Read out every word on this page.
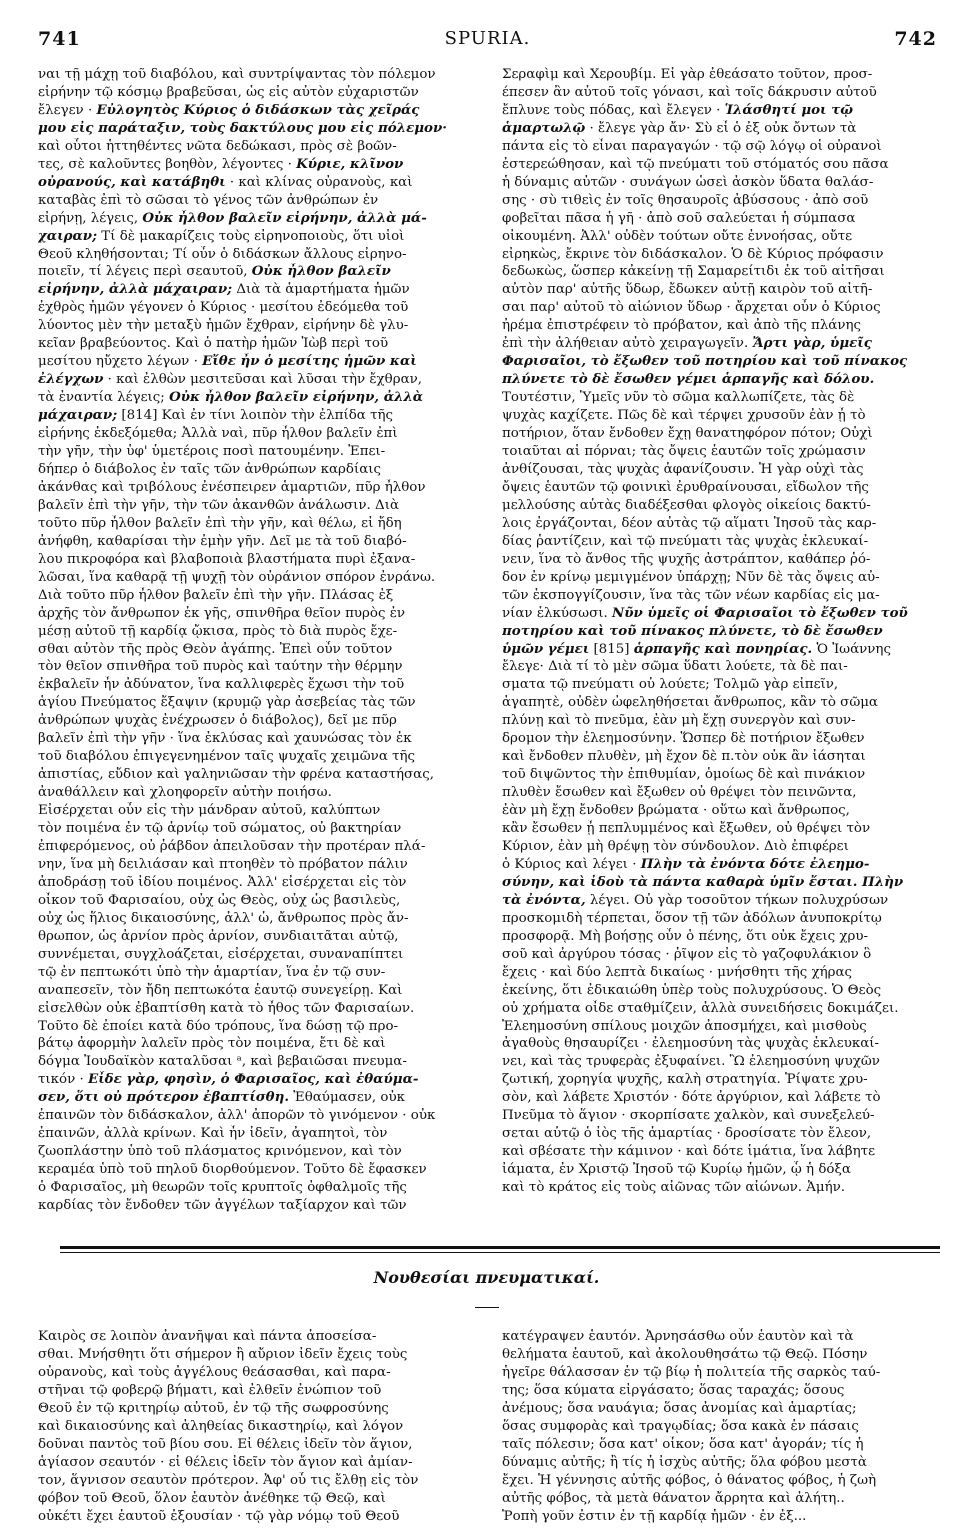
SPURIA.
741	742
ναι τῇ μάχῃ τοῦ διαβόλου, καὶ συντρίψαντας τὸν πόλεμον
εἰρήνην τῷ κόσμῳ βραβεῦσαι, ὡς εἰς αὐτὸν εὐχαριστῶν
ἔλεγεν · Εὐλογητὸς Κύριος ὁ διδάσκων τὰς χεῖράς
μου εἰς παράταξιν, τοὺς δακτύλους μου εἰς πόλεμον·
καὶ οὗτοι ἡττηθέντες νῶτα δεδώκασι, πρὸς σὲ βοῶν-
τες, σὲ καλοῦντες βοηθὸν, λέγοντες · Κύριε, κλῖνον
οὐρανούς, καὶ κατάβηθι · καὶ κλίνας οὐρανοὺς, καὶ
καταβὰς ἐπὶ τὸ σῶσαι τὸ γένος τῶν ἀνθρώπων ἐν
εἰρήνῃ, λέγεις, Οὐκ ἦλθον βαλεῖν εἰρήνην, ἀλλὰ μά-
χαιραν; Τί δὲ μακαρίζεις τοὺς εἰρηνοποιοὺς, ὅτι υἱοὶ
Θεοῦ κληθήσονται; Τί οὖν ὁ διδάσκων ἄλλους εἰρηνο-
ποιεῖν, τί λέγεις περὶ σεαυτοῦ, Οὐκ ἦλθον βαλεῖν
εἰρήνην, ἀλλὰ μάχαιραν; Διὰ τὰ ἁμαρτήματα ἡμῶν
ἐχθρὸς ἡμῶν γέγονεν ὁ Κύριος · μεσίτου ἐδεόμεθα τοῦ
λύοντος μὲν τὴν μεταξὺ ἡμῶν ἔχθραν, εἰρήνην δὲ γλυ-
κεῖαν βραβεύοντος. Καὶ ὁ πατὴρ ἡμῶν Ἰὼβ περὶ τοῦ
μεσίτου ηὔχετο λέγων · Εἴθε ἦν ὁ μεσίτης ἡμῶν καὶ
ἐλέγχων · καὶ ἐλθὼν μεσιτεῦσαι καὶ λῦσαι τὴν ἔχθραν,
τὰ ἐναντία λέγεις; Οὐκ ἦλθον βαλεῖν εἰρήνην, ἀλλὰ
μάχαιραν; [814] Καὶ ἐν τίνι λοιπὸν τὴν ἐλπίδα τῆς
εἰρήνης ἐκδεξόμεθα; Ἀλλὰ ναὶ, πῦρ ἦλθον βαλεῖν ἐπὶ
τὴν γῆν, τὴν ὑφ' ὑμετέροις ποσὶ πατουμένην. Ἐπει-
δήπερ ὁ διάβολος ἐν ταῖς τῶν ἀνθρώπων καρδίαις
ἀκάνθας καὶ τριβόλους ἐνέσπειρεν ἁμαρτιῶν, πῦρ ἦλθον
βαλεῖν ἐπὶ τὴν γῆν, τὴν τῶν ἀκανθῶν ἀνάλωσιν. Διὰ
τοῦτο πῦρ ἦλθον βαλεῖν ἐπὶ τὴν γῆν, καὶ θέλω, εἰ ἤδη
ἀνήφθη, καθαρίσαι τὴν ἐμὴν γῆν. Δεῖ με τὰ τοῦ διαβό-
λου πικροφόρα καὶ βλαβοποιὰ βλαστήματα πυρὶ ἐξανα-
λῶσαι, ἵνα καθαρᾷ τῇ ψυχῇ τὸν οὐράνιον σπόρον ἐνράνω.
Διὰ τοῦτο πῦρ ἦλθον βαλεῖν ἐπὶ τὴν γῆν. Πλάσας ἐξ
ἀρχῆς τὸν ἄνθρωπον ἐκ γῆς, σπινθῆρα θεῖον πυρὸς ἐν
μέσῃ αὐτοῦ τῇ καρδίᾳ ᾤκισα, πρὸς τὸ διὰ πυρὸς ἔχε-
σθαι αὐτὸν τῆς πρὸς Θεὸν ἀγάπης. Ἐπεὶ οὖν τοῦτον
τὸν θεῖον σπινθῆρα τοῦ πυρὸς καὶ ταύτην τὴν θέρμην
ἐκβαλεῖν ἦν ἀδύνατον, ἵνα καλλιφερὲς ἔχωσι τὴν τοῦ
ἁγίου Πνεύματος ἔξαψιν (κρυμῷ γὰρ ἀσεβείας τὰς τῶν
ἀνθρώπων ψυχὰς ἐνέχρωσεν ὁ διάβολος), δεῖ με πῦρ
βαλεῖν ἐπὶ τὴν γῆν · ἵνα ἐκλύσας καὶ χαυνώσας τὸν ἐκ
τοῦ διαβόλου ἐπιγεγενημένον ταῖς ψυχαῖς χειμῶνα τῆς
ἀπιστίας, εὔδιον καὶ γαληνιῶσαν τὴν φρένα καταστήσας,
ἀναθάλλειν καὶ χλοηφορεῖν αὐτὴν ποιήσω.
Εἰσέρχεται οὖν εἰς τὴν μάνδραν αὐτοῦ, καλύπτων
τὸν ποιμένα ἐν τῷ ἀρνίῳ τοῦ σώματος, οὐ βακτηρίαν
ἐπιφερόμενος, οὐ ῥάβδον ἀπειλοῦσαν τὴν προτέραν πλά-
νην, ἵνα μὴ δειλιάσαν καὶ πτοηθὲν τὸ πρόβατον πάλιν
ἀποδράσῃ τοῦ ἰδίου ποιμένος. Ἀλλ' εἰσέρχεται εἰς τὸν
οἶκον τοῦ Φαρισαίου, οὐχ ὡς Θεὸς, οὐχ ὡς βασιλεὺς,
οὐχ ὡς ἥλιος δικαιοσύνης, ἀλλ' ὡ, ἄνθρωπος πρὸς ἄν-
θρωπον, ὡς ἀρνίον πρὸς ἀρνίον, συνδιαιτᾶται αὐτῷ,
συννέμεται, συγχλοάζεται, εἰσέρχεται, συναναπίπτει
τῷ ἐν πεπτωκότι ὑπὸ τὴν ἁμαρτίαν, ἵνα ἐν τῷ συν-
αναπεσεῖν, τὸν ἤδη πεπτωκότα ἑαυτῷ συνεγείρῃ. Καὶ
εἰσελθὼν οὐκ ἐβαπτίσθη κατὰ τὸ ἦθος τῶν Φαρισαίων.
Τοῦτο δὲ ἐποίει κατὰ δύο τρόπους, ἵνα δώσῃ τῷ προ-
βάτῳ ἀφορμὴν λαλεῖν πρὸς τὸν ποιμένα, ἔτι δὲ καὶ
δόγμα Ἰουδαϊκὸν καταλῦσαι ᵃ, καὶ βεβαιῶσαι πνευμα-
τικόν · Εἶδε γὰρ, φησὶν, ὁ Φαρισαῖος, καὶ ἐθαύμα-
σεν, ὅτι οὐ πρότερον ἐβαπτίσθη. Ἐθαύμασεν, οὐκ
ἐπαινῶν τὸν διδάσκαλον, ἀλλ' ἀπορῶν τὸ γινόμενον · οὐκ
ἐπαινῶν, ἀλλὰ κρίνων. Καὶ ἦν ἰδεῖν, ἀγαπητοὶ, τὸν
ζωοπλάστην ὑπὸ τοῦ πλάσματος κρινόμενον, καὶ τὸν
κεραμέα ὑπὸ τοῦ πηλοῦ διορθούμενον. Τοῦτο δὲ ἔφασκεν
ὁ Φαρισαῖος, μὴ θεωρῶν τοῖς κρυπτοῖς ὀφθαλμοῖς τῆς
καρδίας τὸν ἔνδοθεν τῶν ἀγγέλων ταξίαρχον καὶ τῶν
Σεραφὶμ καὶ Χερουβίμ. Εἰ γὰρ ἐθεάσατο τοῦτον, προσ-
έπεσεν ἂν αὐτοῦ τοῖς γόνασι, καὶ τοῖς δάκρυσιν αὐτοῦ
ἔπλυνε τοὺς πόδας, καὶ ἔλεγεν · Ἱλάσθητί μοι τῷ
ἁμαρτωλῷ · ἔλεγε γὰρ ἄν· Σὺ εἶ ὁ ἐξ οὐκ ὄντων τὰ
πάντα εἰς τὸ εἶναι παραγαγών · τῷ σῷ λόγῳ οἱ οὐρανοὶ
ἐστερεώθησαν, καὶ τῷ πνεύματι τοῦ στόματός σου πᾶσα
ἡ δύναμις αὐτῶν · συνάγων ὡσεὶ ἀσκὸν ὕδατα θαλάσ-
σης · σὺ τιθεὶς ἐν τοῖς θησαυροῖς ἀβύσσους · ἀπὸ σοῦ
φοβεῖται πᾶσα ἡ γῆ · ἀπὸ σοῦ σαλεύεται ἡ σύμπασα
οἰκουμένη. Ἀλλ' οὐδὲν τούτων οὔτε ἐννοήσας, οὔτε
εἰρηκὼς, ἔκρινε τὸν διδάσκαλον. Ὁ δὲ Κύριος πρόφασιν
δεδωκὼς, ὥσπερ κἀκείνῃ τῇ Σαμαρείτιδι ἐκ τοῦ αἰτῆσαι
αὐτὸν παρ' αὐτῆς ὕδωρ, ἔδωκεν αὐτῇ καιρὸν τοῦ αἰτῆ-
σαι παρ' αὐτοῦ τὸ αἰώνιον ὕδωρ · ἄρχεται οὖν ὁ Κύριος
ἠρέμα ἐπιστρέφειν τὸ πρόβατον, καὶ ἀπὸ τῆς πλάνης
ἐπὶ τὴν ἀλήθειαν αὐτὸ χειραγωγεῖν. Ἄρτι γὰρ, ὑμεῖς
Φαρισαῖοι, τὸ ἔξωθεν τοῦ ποτηρίου καὶ τοῦ πίνακος
πλύνετε τὸ δὲ ἔσωθεν γέμει ἁρπαγῆς καὶ δόλου.
Τουτέστιν, Ὑμεῖς νῦν τὸ σῶμα καλλωπίζετε, τὰς δὲ
ψυχὰς καχίζετε. Πῶς δὲ καὶ τέρψει χρυσοῦν ἐὰν ᾖ τὸ
ποτήριον, ὅταν ἔνδοθεν ἔχῃ θανατηφόρον πότον; Οὐχὶ
τοιαῦται αἱ πόρναι; τὰς ὄψεις ἑαυτῶν τοῖς χρώμασιν
ἀνθίζουσαι, τὰς ψυχὰς ἀφανίζουσιν. Ἡ γὰρ οὐχὶ τὰς
ὄψεις ἑαυτῶν τῷ φοινικὶ ἐρυθραίνουσαι, εἴδωλον τῆς
μελλούσης αὐτὰς διαδέξεσθαι φλογὸς οἰκείοις δακτύ-
λοις ἐργάζονται, δέον αὐτὰς τῷ αἵματι Ἰησοῦ τὰς καρ-
δίας ῥαντίζειν, καὶ τῷ πνεύματι τὰς ψυχὰς ἐκλευκαί-
νειν, ἵνα τὸ ἄνθος τῆς ψυχῆς ἀστράπτον, καθάπερ ῥό-
δον ἐν κρίνῳ μεμιγμένον ὑπάρχῃ; Νῦν δὲ τὰς ὄψεις αὐ-
τῶν ἐκσπογγίζουσιν, ἵνα τὰς τῶν νέων καρδίας εἰς μα-
νίαν ἑλκύσωσι. Νῦν ὑμεῖς οἱ Φαρισαῖοι τὸ ἔξωθεν τοῦ
ποτηρίου καὶ τοῦ πίνακος πλύνετε, τὸ δὲ ἔσωθεν
ὑμῶν γέμει [815] ἁρπαγῆς καὶ πονηρίας. Ὁ Ἰωάννης
ἔλεγε· Διὰ τί τὸ μὲν σῶμα ὕδατι λούετε, τὰ δὲ παι-
σματα τῷ πνεύματι οὐ λούετε; Τολμῶ γὰρ εἰπεῖν,
ἀγαπητὲ, οὐδὲν ὠφεληθήσεται ἄνθρωπος, κἂν τὸ σῶμα
πλύνῃ καὶ τὸ πνεῦμα, ἐὰν μὴ ἔχῃ συνεργὸν καὶ συν-
δρομον τὴν ἐλεημοσύνην. Ὥσπερ δὲ ποτήριον ἔξωθεν
καὶ ἔνδοθεν πλυθὲν, μὴ ἔχον δὲ π.τὸν οὐκ ἂν ἰάσηται
τοῦ διψῶντος τὴν ἐπιθυμίαν, ὁμοίως δὲ καὶ πινάκιον
πλυθὲν ἔσωθεν καὶ ἔξωθεν οὐ θρέψει τὸν πεινῶντα,
ἐὰν μὴ ἔχῃ ἔνδοθεν βρώματα · οὕτω καὶ ἄνθρωπος,
κἂν ἔσωθεν ᾖ πεπλυμμένος καὶ ἔξωθεν, οὐ θρέψει τὸν
Κύριον, ἐὰν μὴ θρέψῃ τὸν σύνδουλον. Διὸ ἐπιφέρει
ὁ Κύριος καὶ λέγει · Πλὴν τὰ ἐνόντα δότε ἐλεημο-
σύνην, καὶ ἰδοὺ τὰ πάντα καθαρὰ ὑμῖν ἔσται. Πλὴν
τὰ ἐνόντα, λέγει. Οὐ γὰρ τοσοῦτον τήκων πολυχρύσων
προσκομιδὴ τέρπεται, ὅσον τῇ τῶν ἀδόλων ἀνυποκρίτῳ
προσφορᾷ. Μὴ βοήσῃς οὖν ὁ πένης, ὅτι οὐκ ἔχεις χρυ-
σοῦ καὶ ἀργύρου τόσας · ῥῖψον εἰς τὸ γαζοφυλάκιον ὃ
ἔχεις · καὶ δύο λεπτὰ δικαίως · μνήσθητι τῆς χήρας
ἐκείνης, ὅτι ἐδικαιώθη ὑπὲρ τοὺς πολυχρύσους. Ὁ Θεὸς
οὐ χρήματα οἶδε σταθμίζειν, ἀλλὰ συνειδήσεις δοκιμάζει.
Ἐλεημοσύνη σπίλους μοιχῶν ἀποσμήχει, καὶ μισθοὺς
ἀγαθοὺς θησαυρίζει · ἐλεημοσύνη τὰς ψυχὰς ἐκλευκαί-
νει, καὶ τὰς τρυφερὰς ἐξυφαίνει. Ὢ ἐλεημοσύνη ψυχῶν
ζωτική, χορηγία ψυχῆς, καλὴ στρατηγία. Ῥίψατε χρυ-
σὸν, καὶ λάβετε Χριστόν · δότε ἀργύριον, καὶ λάβετε τὸ
Πνεῦμα τὸ ἅγιον · σκορπίσατε χαλκὸν, καὶ συνεξελεύ-
σεται αὐτῷ ὁ ἰὸς τῆς ἁμαρτίας · δροσίσατε τὸν ἔλεον,
καὶ σβέσατε τὴν κάμινον · καὶ δότε ἱμάτια, ἵνα λάβητε
ἰάματα, ἐν Χριστῷ Ἰησοῦ τῷ Κυρίῳ ἡμῶν, ᾧ ἡ δόξα
καὶ τὸ κράτος εἰς τοὺς αἰῶνας τῶν αἰώνων. Ἀμήν.
Νουθεσίαι πνευματικαί.
Καιρὸς σε λοιπὸν ἀνανῆψαι καὶ πάντα ἀποσείσα-
σθαι. Μνήσθητι ὅτι σήμερον ἢ αὔριον ἰδεῖν ἔχεις τοὺς
οὐρανοὺς, καὶ τοὺς ἀγγέλους θεάσασθαι, καὶ παρα-
στῆναι τῷ φοβερῷ βήματι, καὶ ἐλθεῖν ἐνώπιον τοῦ
Θεοῦ ἐν τῷ κριτηρίῳ αὐτοῦ, ἐν τῷ τῆς σωφροσύνης
καὶ δικαιοσύνης καὶ ἀληθείας δικαστηρίῳ, καὶ λόγον
δοῦναι παντὸς τοῦ βίου σου. Εἰ θέλεις ἰδεῖν τὸν ἅγιον,
ἁγίασον σεαυτόν · εἰ θέλεις ἰδεῖν τὸν ἄγιον καὶ ἀμίαν-
τον, ἅγνισον σεαυτὸν πρότερον. Ἀφ' οὗ τις ἔλθῃ εἰς τὸν
φόβον τοῦ Θεοῦ, ὅλον ἑαυτὸν ἀνέθηκε τῷ Θεῷ, καὶ
οὐκέτι ἔχει ἑαυτοῦ ἐξουσίαν · τῷ γὰρ νόμῳ τοῦ Θεοῦ
κατέγραψεν ἑαυτόν. Ἀρνησάσθω οὖν ἑαυτὸν καὶ τὰ
θελήματα ἑαυτοῦ, καὶ ἀκολουθησάτω τῷ Θεῷ. Πόσην
ἡγεῖρε θάλασσαν ἐν τῷ βίῳ ἡ πολιτεία τῆς σαρκὸς ταύ-
της; ὅσα κύματα εἰργάσατο; ὅσας ταραχάς; ὅσους
ἀνέμους; ὅσα ναυάγια; ὅσας ἀνομίας καὶ ἁμαρτίας;
ὅσας συμφορὰς καὶ τραγῳδίας; ὅσα κακὰ ἐν πάσαις
ταῖς πόλεσιν; ὅσα κατ' οἶκον; ὅσα κατ' ἀγοράν; τίς ἡ
δύναμις αὐτῆς; ἢ τίς ἡ ἰσχὺς αὐτῆς; ὅλα φόβου μεστὰ
ἔχει. Ἡ γέννησις αὐτῆς φόβος, ὁ θάνατος φόβος, ἡ ζωὴ
αὐτῆς φόβος, τὰ μετὰ θάνατον ἄρρητα καὶ ἀλήτη..
Ῥοπὴ γοῦν ἐστιν ἐν τῇ καρδίᾳ ἡμῶν · ἐν ἐξ...
